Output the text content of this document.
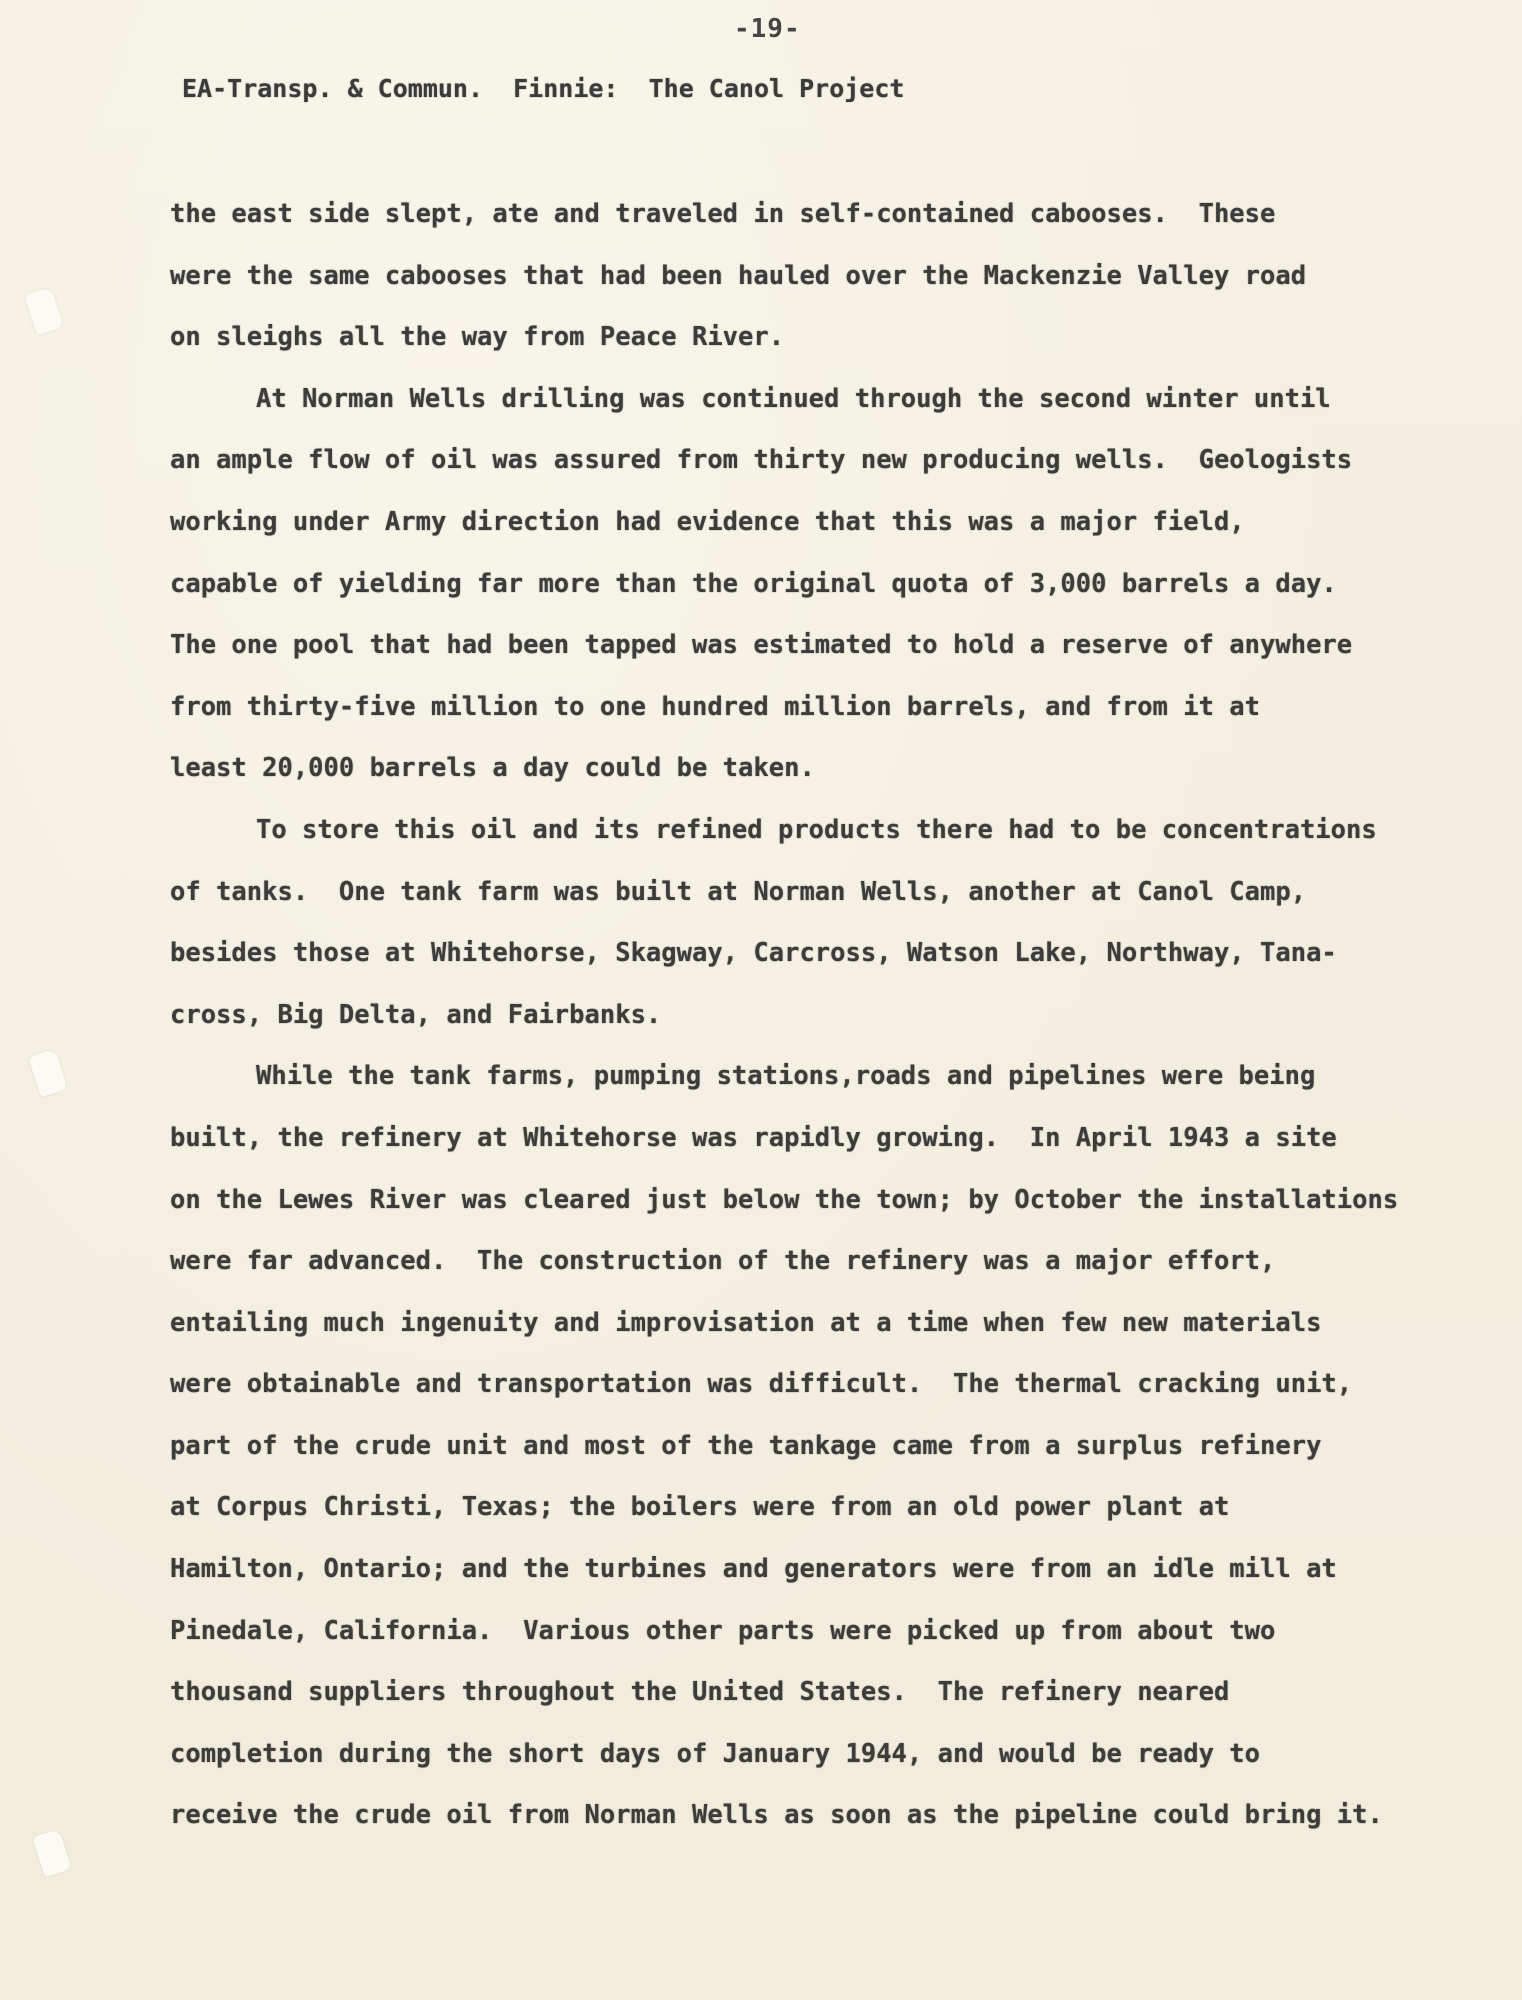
-19-
EA-Transp. & Commun.  Finnie:  The Canol Project
the east side slept, ate and traveled in self-contained cabooses.  These
were the same cabooses that had been hauled over the Mackenzie Valley road
on sleighs all the way from Peace River.
At Norman Wells drilling was continued through the second winter until
an ample flow of oil was assured from thirty new producing wells.  Geologists
working under Army direction had evidence that this was a major field,
capable of yielding far more than the original quota of 3,000 barrels a day.
The one pool that had been tapped was estimated to hold a reserve of anywhere
from thirty-five million to one hundred million barrels, and from it at
least 20,000 barrels a day could be taken.
To store this oil and its refined products there had to be concentrations
of tanks.  One tank farm was built at Norman Wells, another at Canol Camp,
besides those at Whitehorse, Skagway, Carcross, Watson Lake, Northway, Tana-
cross, Big Delta, and Fairbanks.
While the tank farms, pumping stations,roads and pipelines were being
built, the refinery at Whitehorse was rapidly growing.  In April 1943 a site
on the Lewes River was cleared just below the town; by October the installations
were far advanced.  The construction of the refinery was a major effort,
entailing much ingenuity and improvisation at a time when few new materials
were obtainable and transportation was difficult.  The thermal cracking unit,
part of the crude unit and most of the tankage came from a surplus refinery
at Corpus Christi, Texas; the boilers were from an old power plant at
Hamilton, Ontario; and the turbines and generators were from an idle mill at
Pinedale, California.  Various other parts were picked up from about two
thousand suppliers throughout the United States.  The refinery neared
completion during the short days of January 1944, and would be ready to
receive the crude oil from Norman Wells as soon as the pipeline could bring it.
